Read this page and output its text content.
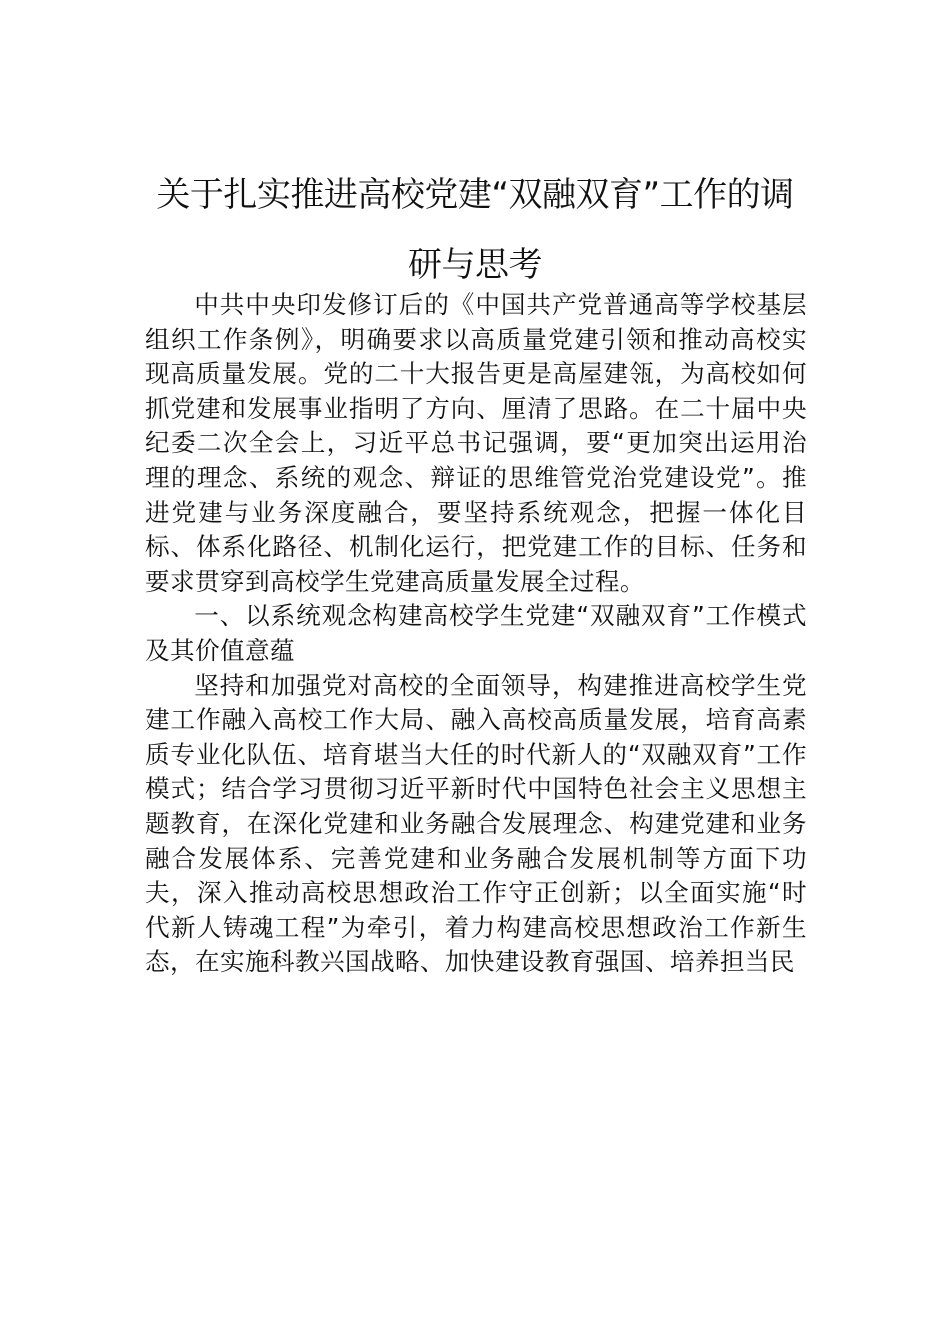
关于扎实推进高校党建“双融双育”工作的调研与思考

中共中央印发修订后的《中国共产党普通高等学校基层组织工作条例》，明确要求以高质量党建引领和推动高校实现高质量发展。党的二十大报告更是高屋建瓴，为高校如何抓党建和发展事业指明了方向、厘清了思路。在二十届中央纪委二次全会上，习近平总书记强调，要“更加突出运用治理的理念、系统的观念、辩证的思维管党治党建设党”。推进党建与业务深度融合，要坚持系统观念，把握一体化目标、体系化路径、机制化运行，把党建工作的目标、任务和要求贯穿到高校学生党建高质量发展全过程。

一、以系统观念构建高校学生党建“双融双育”工作模式及其价值意蕴

坚持和加强党对高校的全面领导，构建推进高校学生党建工作融入高校工作大局、融入高校高质量发展，培育高素质专业化队伍、培育堪当大任的时代新人的“双融双育”工作模式；结合学习贯彻习近平新时代中国特色社会主义思想主题教育，在深化党建和业务融合发展理念、构建党建和业务融合发展体系、完善党建和业务融合发展机制等方面下功夫，深入推动高校思想政治工作守正创新；以全面实施“时代新人铸魂工程”为牵引，着力构建高校思想政治工作新生态，在实施科教兴国战略、加快建设教育强国、培养担当民
